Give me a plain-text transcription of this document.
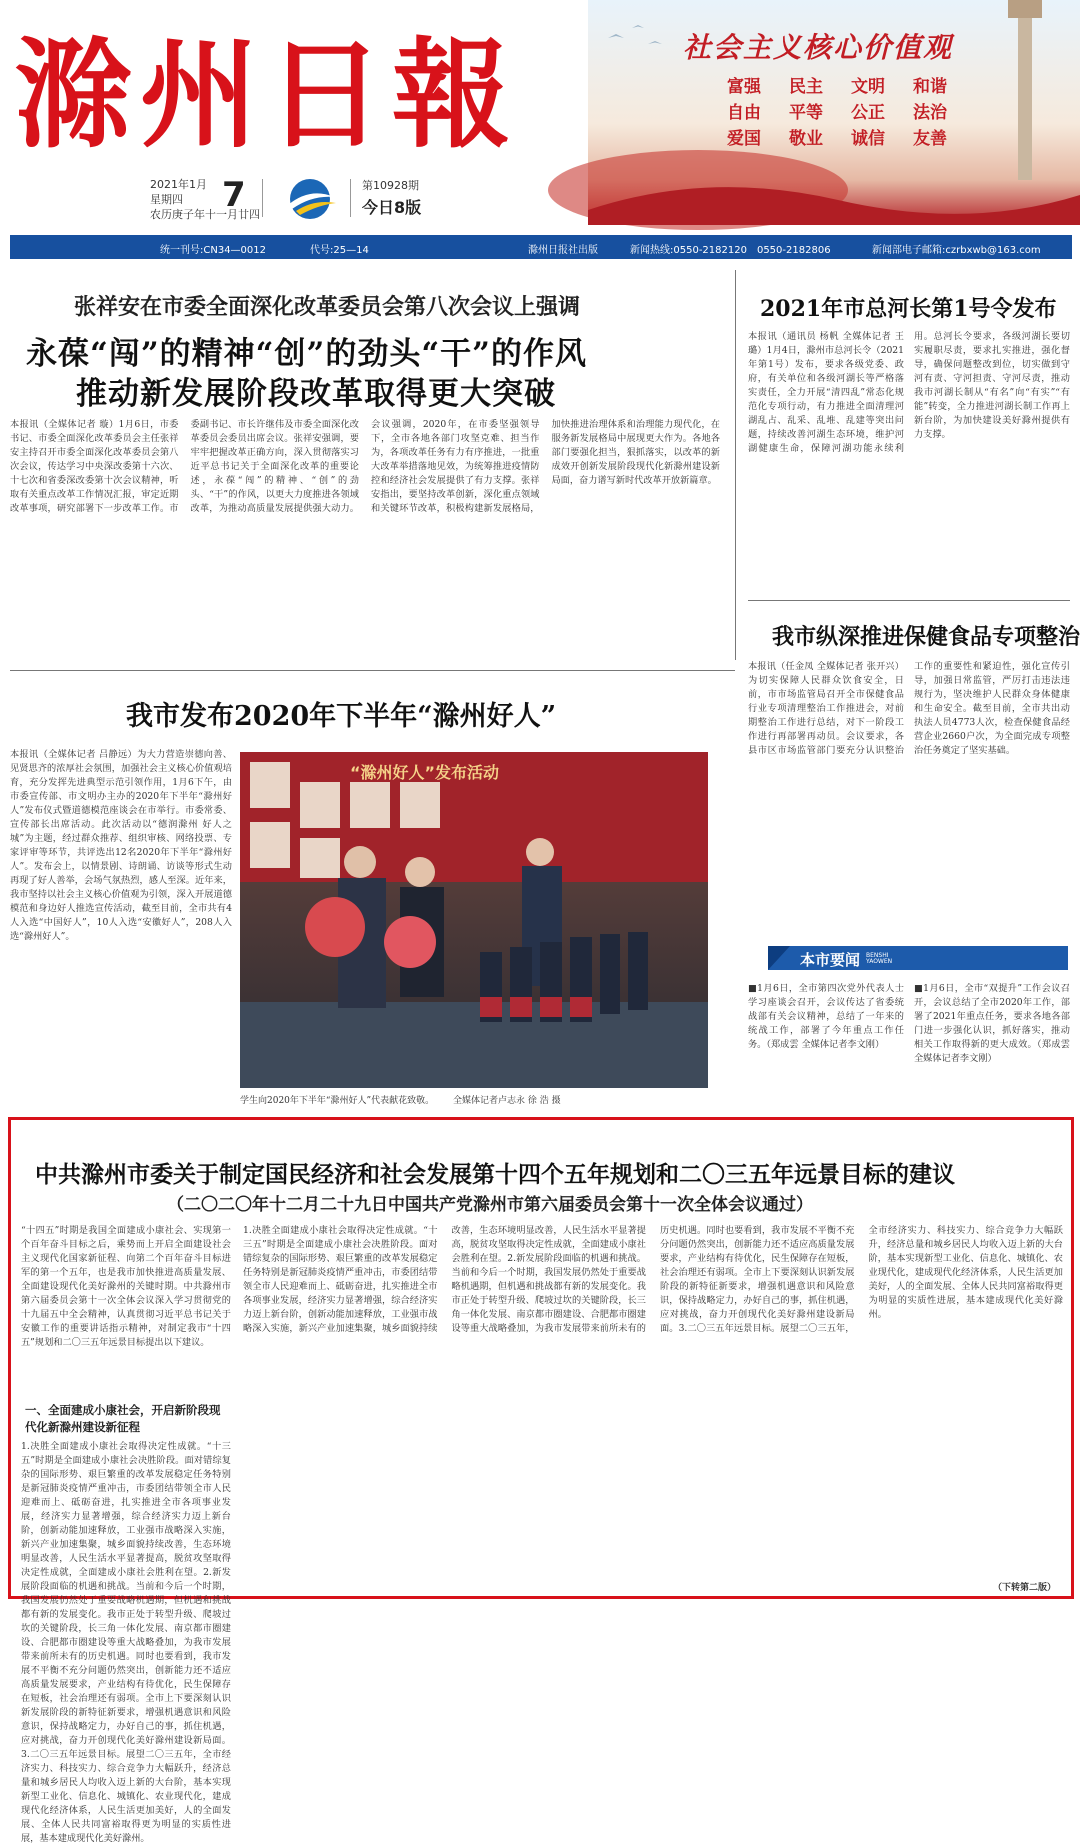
滁州日報
2021年1月
星期四
农历庚子年十一月廿四
7	第10928期
今日8版
社会主义核心价值观
富强	民主	文明	和谐
自由	平等	公正	法治
爱国	敬业	诚信	友善
统一刊号:CN34—0012	代号:25—14	滁州日报社出版	新闻热线:0550-2182120　0550-2182806	新闻部电子邮箱:czrbxwb@163.com
张祥安在市委全面深化改革委员会第八次会议上强调
永葆“闯”的精神“创”的劲头“干”的作风
推动新发展阶段改革取得更大突破
本报讯（全媒体记者 璇）1月6日，市委书记、市委全面深化改革委员会主任张祥安主持召开市委全面深化改革委员会第八次会议，传达学习中央深改委第十六次、十七次和省委深改委第十次会议精神，听取有关重点改革工作情况汇报，审定近期改革事项，研究部署下一步改革工作。市委副书记、市长许继伟及市委全面深化改革委员会委员出席会议。张祥安强调，要牢牢把握改革正确方向，深入贯彻落实习近平总书记关于全面深化改革的重要论述，永葆“闯”的精神、“创”的劲头、“干”的作风，以更大力度推进各领域改革，为推动高质量发展提供强大动力。会议强调，2020年，在市委坚强领导下，全市各地各部门攻坚克难、担当作为，各项改革任务有力有序推进，一批重大改革举措落地见效，为统筹推进疫情防控和经济社会发展提供了有力支撑。张祥安指出，要坚持改革创新，深化重点领域和关键环节改革，积极构建新发展格局，加快推进治理体系和治理能力现代化，在服务新发展格局中展现更大作为。各地各部门要强化担当，狠抓落实，以改革的新成效开创新发展阶段现代化新滁州建设新局面，奋力谱写新时代改革开放新篇章。
2021年市总河长第1号令发布
本报讯（通讯员 杨帆 全媒体记者 王璐）1月4日，滁州市总河长令（2021年第1号）发布，要求各级党委、政府，有关单位和各级河湖长等严格落实责任，全力开展“清四乱”常态化规范化专项行动，有力推进全面清理河湖乱占、乱采、乱堆、乱建等突出问题，持续改善河湖生态环境，维护河湖健康生命，保障河湖功能永续利用。总河长令要求，各级河湖长要切实履职尽责，要求扎实推进，强化督导，确保问题整改到位，切实做到守河有责、守河担责、守河尽责，推动我市河湖长制从“有名”向“有实”“有能”转变，全力推进河湖长制工作再上新台阶，为加快建设美好滁州提供有力支撑。
我市纵深推进保健食品专项整治
本报讯（任金凤 全媒体记者 张开兴）为切实保障人民群众饮食安全，日前，市市场监管局召开全市保健食品行业专项清理整治工作推进会，对前期整治工作进行总结，对下一阶段工作进行再部署再动员。会议要求，各县市区市场监管部门要充分认识整治工作的重要性和紧迫性，强化宣传引导，加强日常监管，严厉打击违法违规行为，坚决维护人民群众身体健康和生命安全。截至目前，全市共出动执法人员4773人次，检查保健食品经营企业2660户次，为全面完成专项整治任务奠定了坚实基础。
我市发布2020年下半年“滁州好人”
本报讯（全媒体记者 吕静远）为大力营造崇德向善、见贤思齐的浓厚社会氛围，加强社会主义核心价值观培育，充分发挥先进典型示范引领作用，1月6下午，由市委宣传部、市文明办主办的2020年下半年“滁州好人”发布仪式暨道德模范座谈会在市举行。市委常委、宣传部长出席活动。此次活动以“德润滁州 好人之城”为主题，经过群众推荐、组织审核、网络投票、专家评审等环节，共评选出12名2020年下半年“滁州好人”。发布会上，以情景剧、诗朗诵、访谈等形式生动再现了好人善举，会场气氛热烈，感人至深。近年来，我市坚持以社会主义核心价值观为引领，深入开展道德模范和身边好人推选宣传活动，截至目前，全市共有4人入选“中国好人”，10人入选“安徽好人”，208人入选“滁州好人”。
“滁州好人”发布活动
学生向2020年下半年“滁州好人”代表献花致敬。 全媒体记者卢志永 徐 浩 摄
本市要闻 BENSHI YAOWEN
■1月6日，全市第四次党外代表人士学习座谈会召开，会议传达了省委统战部有关会议精神，总结了一年来的统战工作，部署了今年重点工作任务。（郑成雲 全媒体记者李文刚）
■1月6日，全市“双提升”工作会议召开，会议总结了全市2020年工作，部署了2021年重点任务，要求各地各部门进一步强化认识，抓好落实，推动相关工作取得新的更大成效。（郑成雲 全媒体记者李文刚）
中共滁州市委关于制定国民经济和社会发展第十四个五年规划和二〇三五年远景目标的建议
（二〇二〇年十二月二十九日中国共产党滁州市第六届委员会第十一次全体会议通过）
“十四五”时期是我国全面建成小康社会、实现第一个百年奋斗目标之后，乘势而上开启全面建设社会主义现代化国家新征程、向第二个百年奋斗目标进军的第一个五年，也是我市加快推进高质量发展、全面建设现代化美好滁州的关键时期。中共滁州市第六届委员会第十一次全体会议深入学习贯彻党的十九届五中全会精神，认真贯彻习近平总书记关于安徽工作的重要讲话指示精神，对制定我市“十四五”规划和二〇三五年远景目标提出以下建议。
一、全面建成小康社会，开启新阶段现代化新滁州建设新征程
1.决胜全面建成小康社会取得决定性成就。“十三五”时期是全面建成小康社会决胜阶段。面对错综复杂的国际形势、艰巨繁重的改革发展稳定任务特别是新冠肺炎疫情严重冲击，市委团结带领全市人民迎难而上、砥砺奋进，扎实推进全市各项事业发展，经济实力显著增强，综合经济实力迈上新台阶，创新动能加速释放，工业强市战略深入实施，新兴产业加速集聚，城乡面貌持续改善，生态环境明显改善，人民生活水平显著提高，脱贫攻坚取得决定性成就，全面建成小康社会胜利在望。2.新发展阶段面临的机遇和挑战。当前和今后一个时期，我国发展仍然处于重要战略机遇期，但机遇和挑战都有新的发展变化。我市正处于转型升级、爬坡过坎的关键阶段，长三角一体化发展、南京都市圈建设、合肥都市圈建设等重大战略叠加，为我市发展带来前所未有的历史机遇。同时也要看到，我市发展不平衡不充分问题仍然突出，创新能力还不适应高质量发展要求，产业结构有待优化，民生保障存在短板，社会治理还有弱项。全市上下要深刻认识新发展阶段的新特征新要求，增强机遇意识和风险意识，保持战略定力，办好自己的事，抓住机遇，应对挑战，奋力开创现代化美好滁州建设新局面。3.二〇三五年远景目标。展望二〇三五年，全市经济实力、科技实力、综合竞争力大幅跃升，经济总量和城乡居民人均收入迈上新的大台阶，基本实现新型工业化、信息化、城镇化、农业现代化，建成现代化经济体系，人民生活更加美好，人的全面发展、全体人民共同富裕取得更为明显的实质性进展，基本建成现代化美好滁州。
1.决胜全面建成小康社会取得决定性成就。“十三五”时期是全面建成小康社会决胜阶段。面对错综复杂的国际形势、艰巨繁重的改革发展稳定任务特别是新冠肺炎疫情严重冲击，市委团结带领全市人民迎难而上、砥砺奋进，扎实推进全市各项事业发展，经济实力显著增强，综合经济实力迈上新台阶，创新动能加速释放，工业强市战略深入实施，新兴产业加速集聚，城乡面貌持续改善，生态环境明显改善，人民生活水平显著提高，脱贫攻坚取得决定性成就，全面建成小康社会胜利在望。2.新发展阶段面临的机遇和挑战。当前和今后一个时期，我国发展仍然处于重要战略机遇期，但机遇和挑战都有新的发展变化。我市正处于转型升级、爬坡过坎的关键阶段，长三角一体化发展、南京都市圈建设、合肥都市圈建设等重大战略叠加，为我市发展带来前所未有的历史机遇。同时也要看到，我市发展不平衡不充分问题仍然突出，创新能力还不适应高质量发展要求，产业结构有待优化，民生保障存在短板，社会治理还有弱项。全市上下要深刻认识新发展阶段的新特征新要求，增强机遇意识和风险意识，保持战略定力，办好自己的事，抓住机遇，应对挑战，奋力开创现代化美好滁州建设新局面。3.二〇三五年远景目标。展望二〇三五年，全市经济实力、科技实力、综合竞争力大幅跃升，经济总量和城乡居民人均收入迈上新的大台阶，基本实现新型工业化、信息化、城镇化、农业现代化，建成现代化经济体系，人民生活更加美好，人的全面发展、全体人民共同富裕取得更为明显的实质性进展，基本建成现代化美好滁州。
（下转第二版）
